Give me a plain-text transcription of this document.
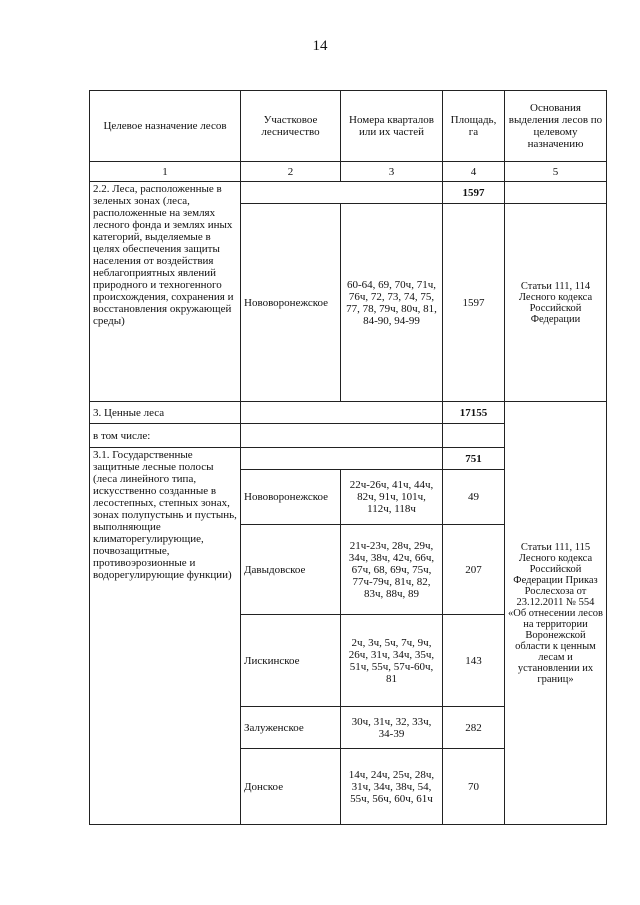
14
Целевое назначение лесов	Участковое лесничество	Номера кварталов или их частей	Площадь, га	Основания выделения лесов по целевому назначению
1	2	3	4	5
2.2. Леса, расположенные в зеленых зонах (леса, расположенные на землях лесного фонда и землях иных категорий, выделяемые в целях обеспечения защиты населения от воздействия неблагоприятных явлений природного и техногенного происхождения, сохранения и восстановления окружающей среды)			1597	
	Нововоронежское	60-64, 69, 70ч, 71ч, 76ч, 72, 73, 74, 75, 77, 78, 79ч, 80ч, 81, 84-90, 94-99	1597	Статьи 111, 114 Лесного кодекса Российской Федерации
3. Ценные леса			17155	Статьи 111, 115 Лесного кодекса Российской Федерации Приказ Рослесхоза от 23.12.2011 № 554 «Об отнесении лесов на территории Воронежской области к ценным лесам и установлении их границ»
в том числе:				
3.1. Государственные защитные лесные полосы (леса линейного типа, искусственно созданные в лесостепных, степных зонах, зонах полупустынь и пустынь, выполняющие климаторегулирующие, почвозащитные, противоэрозионные и водорегулирующие функции)			751	
	Нововоронежское	22ч-26ч, 41ч, 44ч, 82ч, 91ч, 101ч, 112ч, 118ч	49	
	Давыдовское	21ч-23ч, 28ч, 29ч, 34ч, 38ч, 42ч, 66ч, 67ч, 68, 69ч, 75ч, 77ч-79ч, 81ч, 82, 83ч, 88ч, 89	207	
	Лискинское	2ч, 3ч, 5ч, 7ч, 9ч, 26ч, 31ч, 34ч, 35ч, 51ч, 55ч, 57ч-60ч, 81	143	
	Залуженское	30ч, 31ч, 32, 33ч, 34-39	282	
	Донское	14ч, 24ч, 25ч, 28ч, 31ч, 34ч, 38ч, 54, 55ч, 56ч, 60ч, 61ч	70	
